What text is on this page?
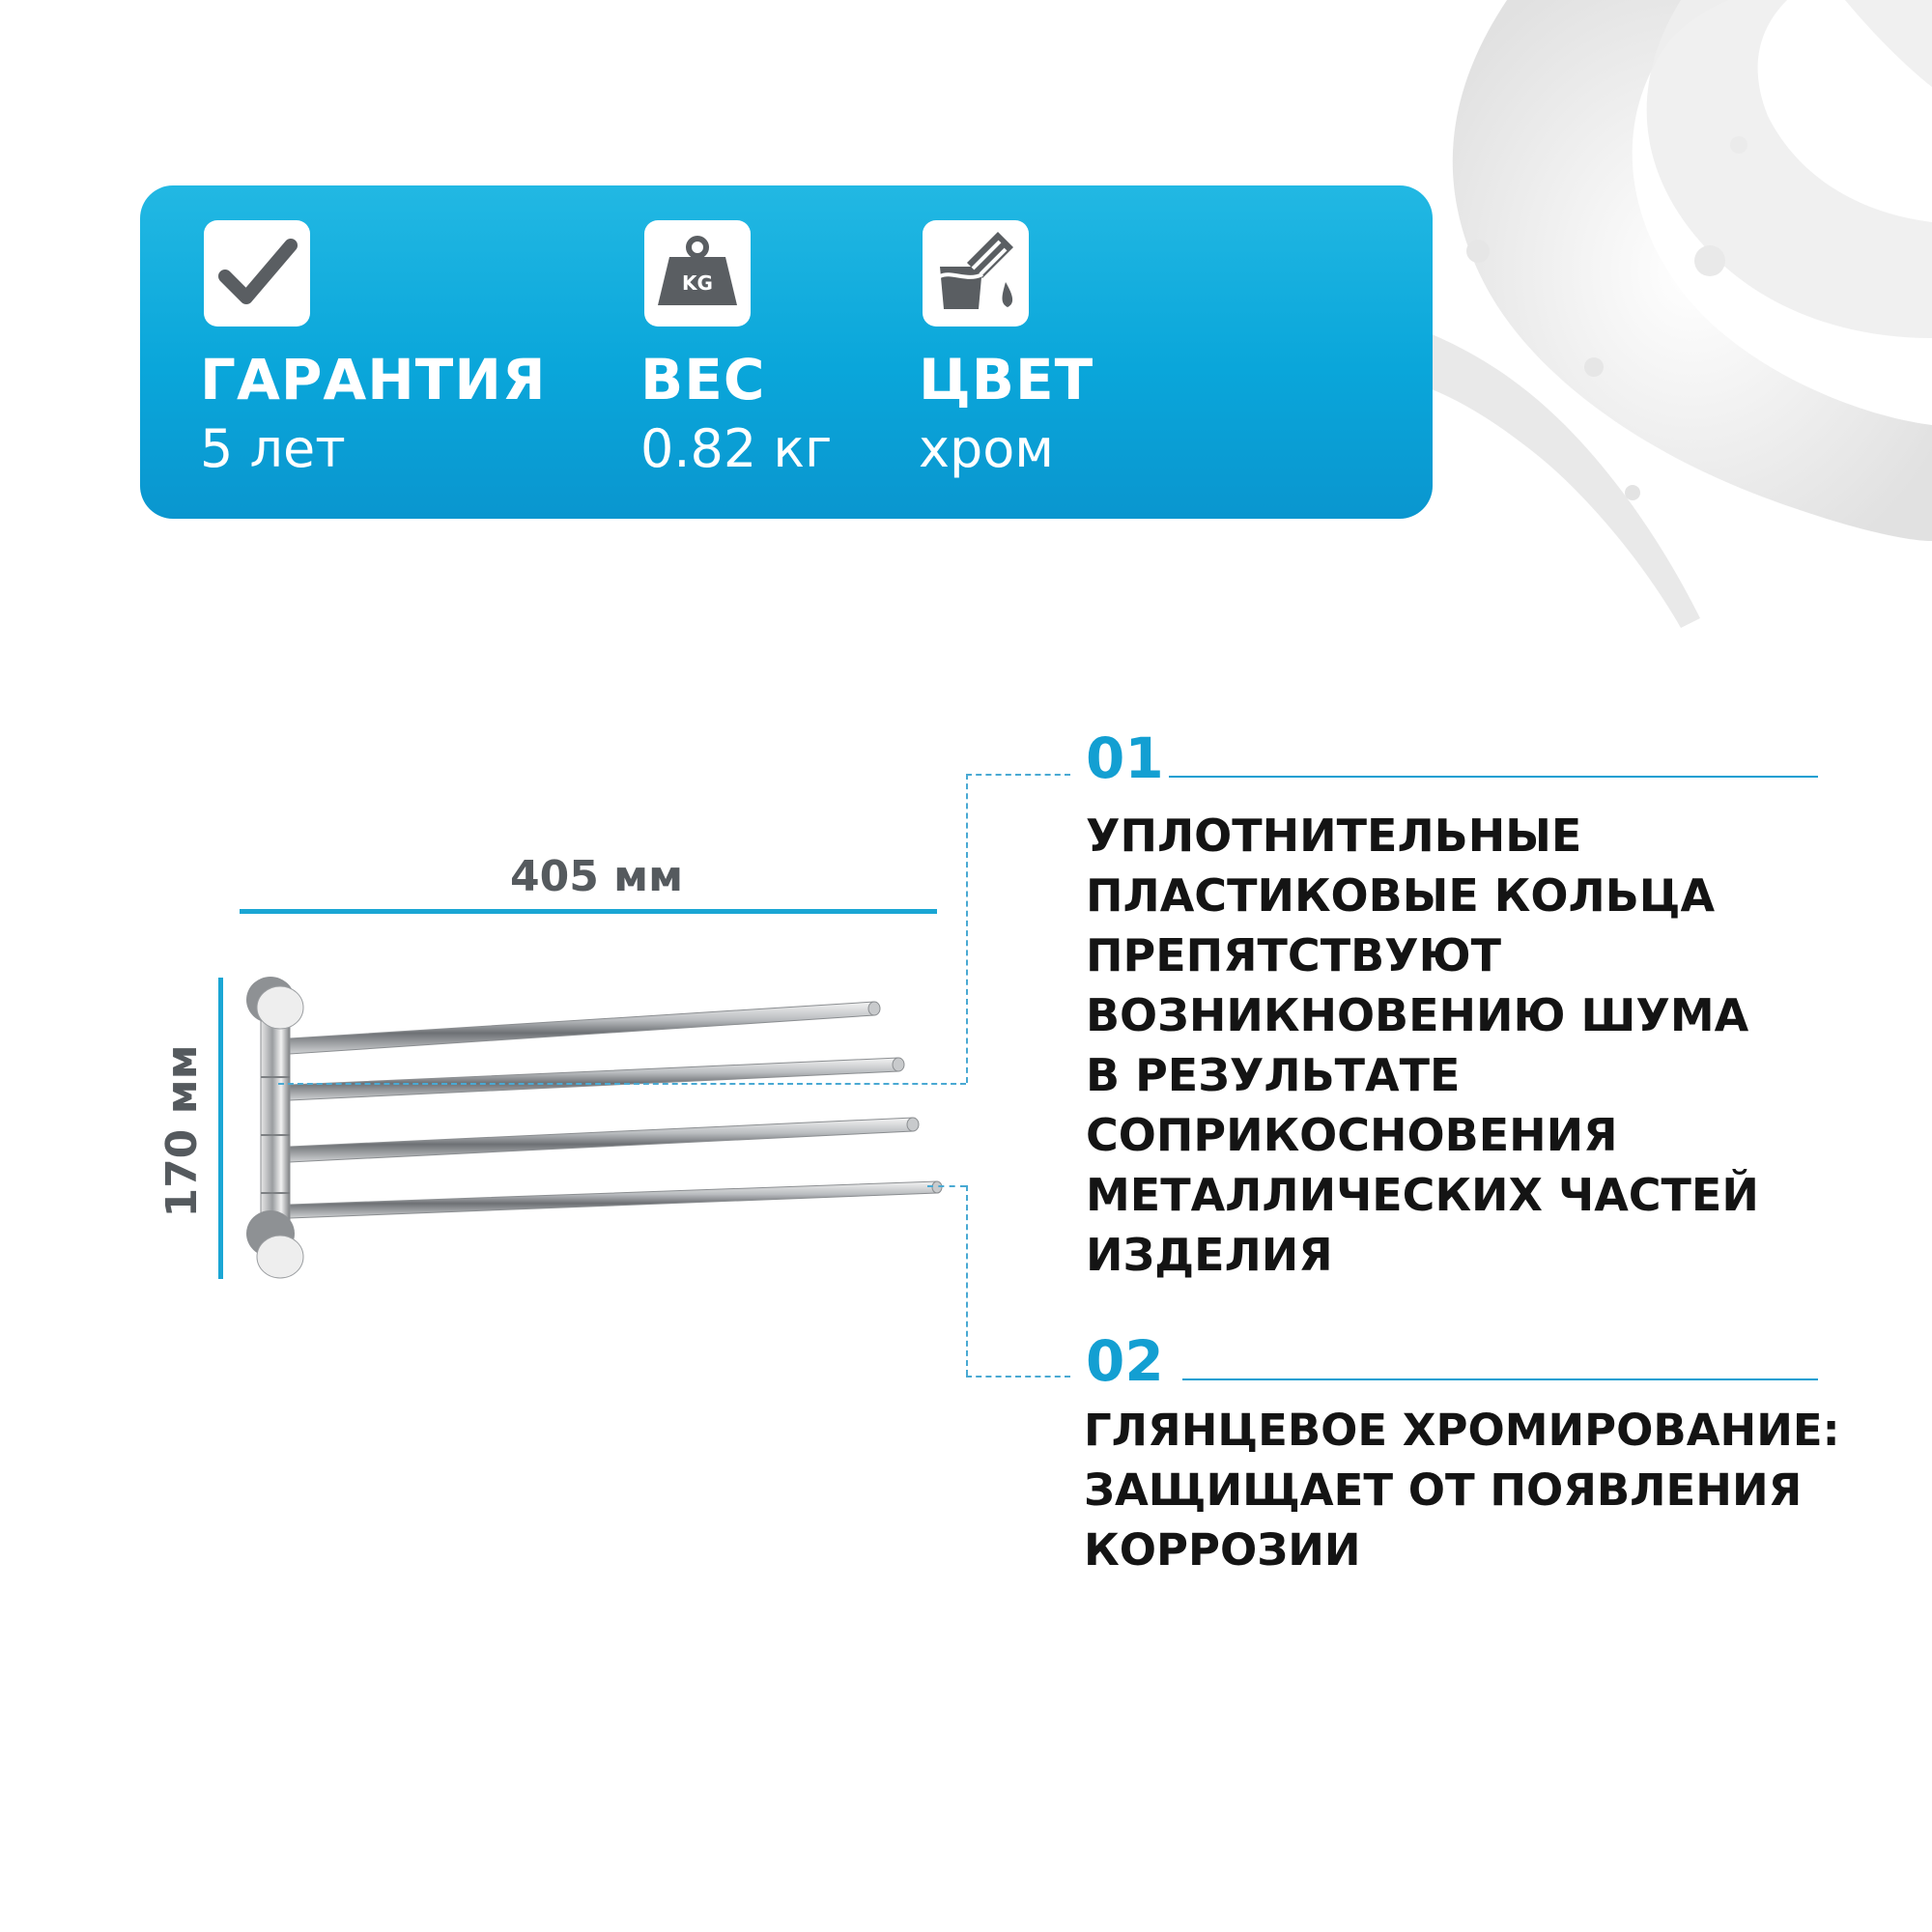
ГАРАНТИЯ
5 лет
KG
ВЕС
0.82 кг
ЦВЕТ
хром
405 мм
170 мм
01

УПЛОТНИТЕЛЬНЫЕ
ПЛАСТИКОВЫЕ КОЛЬЦА
ПРЕПЯТСТВУЮТ
ВОЗНИКНОВЕНИЮ ШУМА
В РЕЗУЛЬТАТЕ
СОПРИКОСНОВЕНИЯ
МЕТАЛЛИЧЕСКИХ ЧАСТЕЙ
ИЗДЕЛИЯ

02

ГЛЯНЦЕВОЕ ХРОМИРОВАНИЕ:
ЗАЩИЩАЕТ ОТ ПОЯВЛЕНИЯ
КОРРОЗИИ
